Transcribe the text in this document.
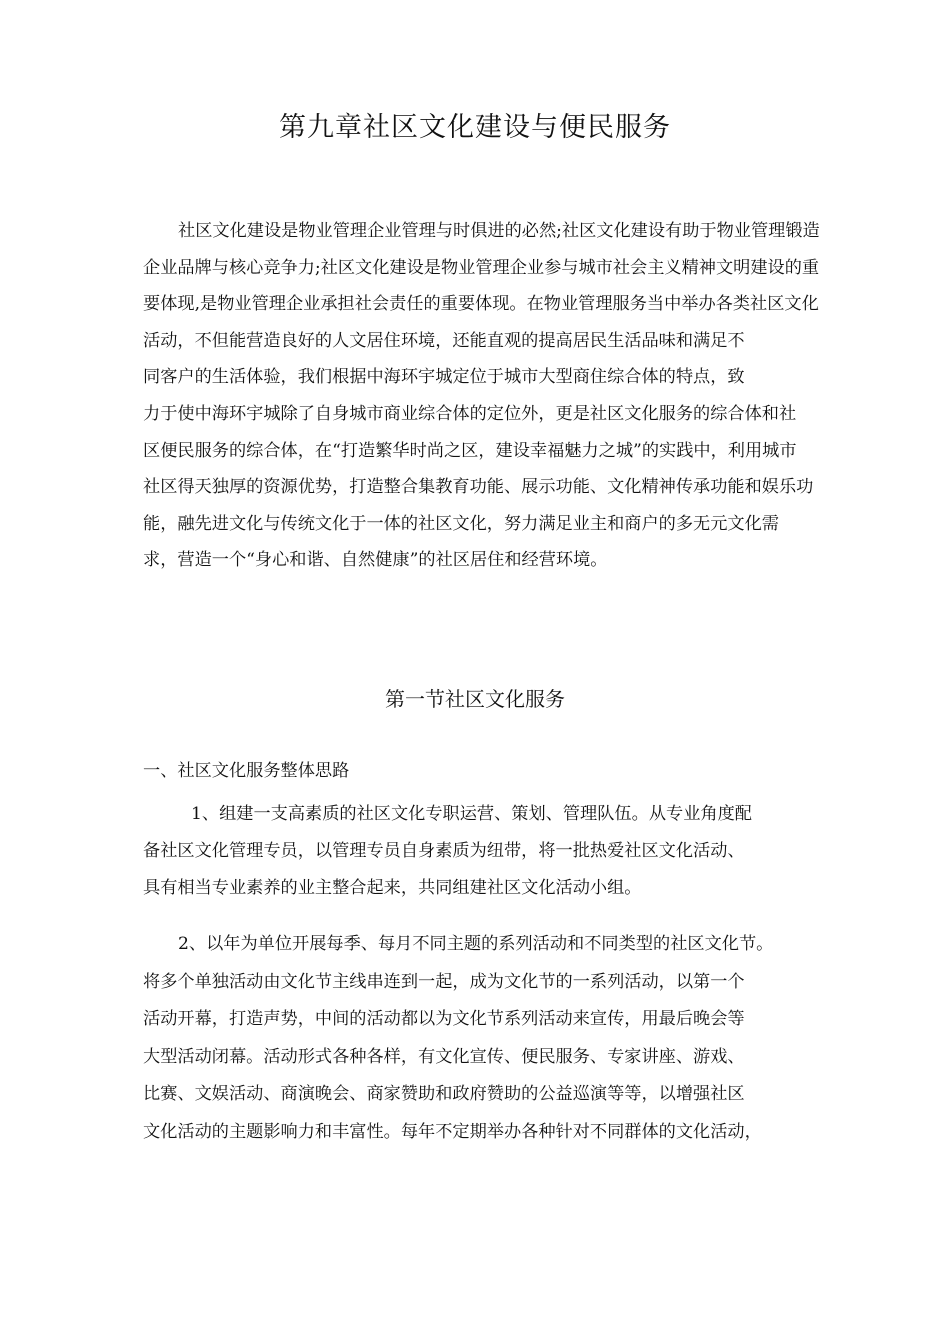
第九章社区文化建设与便民服务
社区文化建设是物业管理企业管理与时俱进的必然;社区文化建设有助于物业管理锻造
企业品牌与核心竞争力;社区文化建设是物业管理企业参与城市社会主义精神文明建设的重
要体现,是物业管理企业承担社会责任的重要体现。在物业管理服务当中举办各类社区文化
活动，不但能营造良好的人文居住环境，还能直观的提高居民生活品味和满足不
同客户的生活体验，我们根据中海环宇城定位于城市大型商住综合体的特点，致
力于使中海环宇城除了自身城市商业综合体的定位外，更是社区文化服务的综合体和社
区便民服务的综合体，在“打造繁华时尚之区，建设幸福魅力之城”的实践中，利用城市
社区得天独厚的资源优势，打造整合集教育功能、展示功能、文化精神传承功能和娱乐功
能，融先进文化与传统文化于一体的社区文化，努力满足业主和商户的多无元文化需
求，营造一个“身心和谐、自然健康”的社区居住和经营环境。
第一节社区文化服务
一、社区文化服务整体思路
1、组建一支高素质的社区文化专职运营、策划、管理队伍。从专业角度配
备社区文化管理专员，以管理专员自身素质为纽带，将一批热爱社区文化活动、
具有相当专业素养的业主整合起来，共同组建社区文化活动小组。
2、以年为单位开展每季、每月不同主题的系列活动和不同类型的社区文化节。
将多个单独活动由文化节主线串连到一起，成为文化节的一系列活动，以第一个
活动开幕，打造声势，中间的活动都以为文化节系列活动来宣传，用最后晚会等
大型活动闭幕。活动形式各种各样，有文化宣传、便民服务、专家讲座、游戏、
比赛、文娱活动、商演晚会、商家赞助和政府赞助的公益巡演等等，以增强社区
文化活动的主题影响力和丰富性。每年不定期举办各种针对不同群体的文化活动，
